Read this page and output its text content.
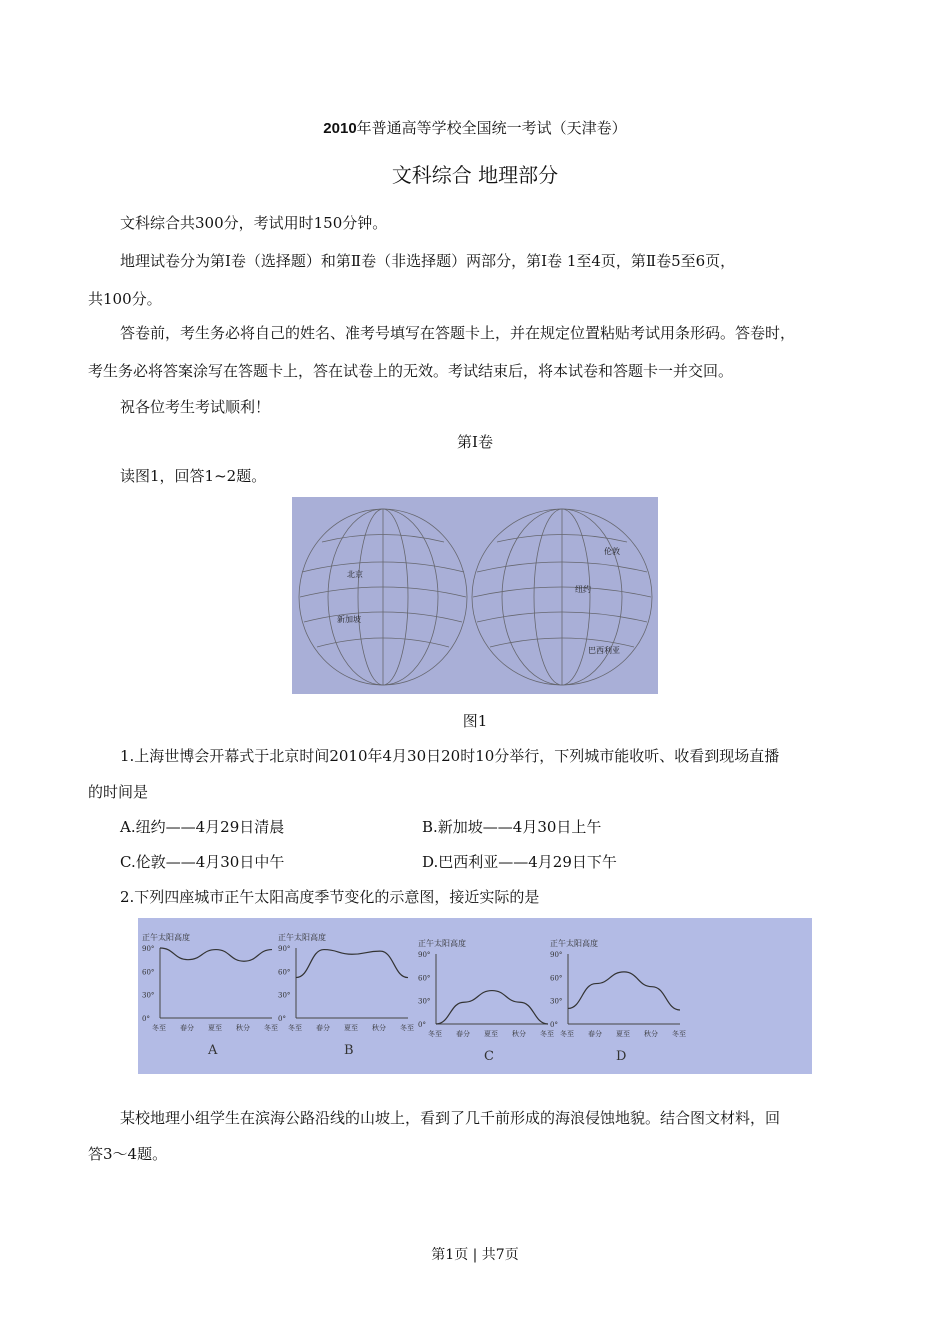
2010年普通高等学校全国统一考试（天津卷）
文科综合 地理部分
文科综合共300分，考试用时150分钟。
地理试卷分为第Ⅰ卷（选择题）和第Ⅱ卷（非选择题）两部分，第Ⅰ卷 1至4页，第Ⅱ卷5至6页，
共100分。
答卷前，考生务必将自己的姓名、准考号填写在答题卡上，并在规定位置粘贴考试用条形码。答卷时，
考生务必将答案涂写在答题卡上，答在试卷上的无效。考试结束后，将本试卷和答题卡一并交回。
祝各位考生考试顺利！
第Ⅰ卷
读图1，回答1~2题。
北京
新加坡
伦敦
纽约
巴西利亚
图1
1.上海世博会开幕式于北京时间2010年4月30日20时10分举行，下列城市能收听、收看到现场直播
的时间是
A.纽约——4月29日清晨	B.新加坡——4月30日上午
C.伦敦——4月30日中午	D.巴西利亚——4月29日下午
2.下列四座城市正午太阳高度季节变化的示意图，接近实际的是
正午太阳高度
0°
30°
60°
90°
冬至 春分 夏至 秋分 冬至
A
正午太阳高度
0°
30°
60°
90°
冬至 春分 夏至 秋分 冬至
B
正午太阳高度
0°
30°
60°
90°
冬至 春分 夏至 秋分 冬至
C
正午太阳高度
0°
30°
60°
90°
冬至 春分 夏至 秋分 冬至
D
某校地理小组学生在滨海公路沿线的山坡上，看到了几千前形成的海浪侵蚀地貌。结合图文材料，回
答3～4题。
第1页 | 共7页
